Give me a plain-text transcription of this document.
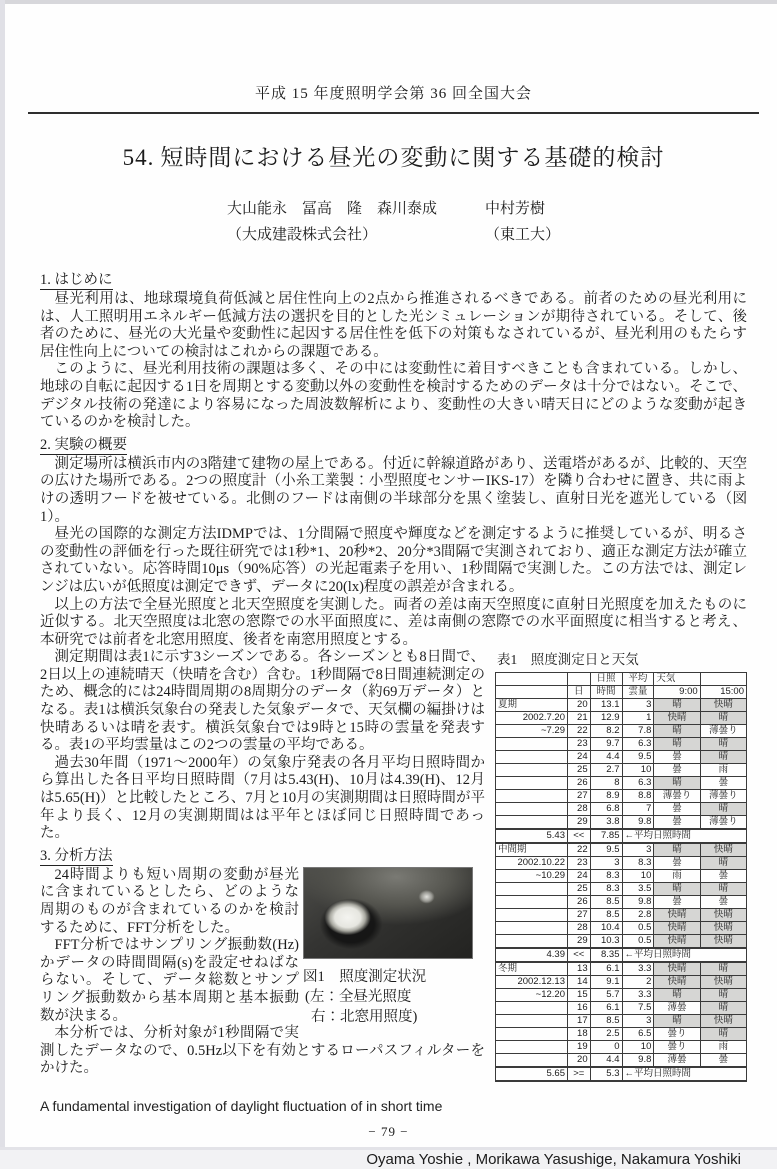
平成 15 年度照明学会第 36 回全国大会
54. 短時間における昼光の変動に関する基礎的検討
大山能永　冨高　隆　森川泰成
（大成建設株式会社）
中村芳樹
（東工大）
1. はじめに

昼光利用は、地球環境負荷低減と居住性向上の2点から推進されるべきである。前者のための昼光利用には、人工照明用エネルギー低減方法の選択を目的とした光シミュレーションが期待されている。そして、後者のために、昼光の大光量や変動性に起因する居住性を低下の対策もなされているが、昼光利用のもたらす居住性向上についての検討はこれからの課題である。

このように、昼光利用技術の課題は多く、その中には変動性に着目すべきことも含まれている。しかし、地球の自転に起因する1日を周期とする変動以外の変動性を検討するためのデータは十分ではない。そこで、デジタル技術の発達により容易になった周波数解析により、変動性の大きい晴天日にどのような変動が起きているのかを検討した。

2. 実験の概要

測定場所は横浜市内の3階建て建物の屋上である。付近に幹線道路があり、送電塔があるが、比較的、天空の広けた場所である。2つの照度計（小糸工業製：小型照度センサーIKS-17）を隣り合わせに置き、共に雨よけの透明フードを被せている。北側のフードは南側の半球部分を黒く塗装し、直射日光を遮光している（図1）。

昼光の国際的な測定方法IDMPでは、1分間隔で照度や輝度などを測定するように推奨しているが、明るさの変動性の評価を行った既往研究では1秒*1、20秒*2、20分*3間隔で実測されており、適正な測定方法が確立されていない。応答時間10μs（90%応答）の光起電素子を用い、1秒間隔で実測した。この方法では、測定レンジは広いが低照度は測定できず、データに20(lx)程度の誤差が含まれる。

以上の方法で全昼光照度と北天空照度を実測した。両者の差は南天空照度に直射日光照度を加えたものに近似する。北天空照度は北窓の窓際での水平面照度に、差は南側の窓際での水平面照度に相当すると考え、本研究では前者を北窓用照度、後者を南窓用照度とする。

表1　照度測定日と天気
		日照	平均	天気	
	日	時間	雲量	9:00	15:00
夏期	20	13.1	3	晴	快晴
2002.7.20	21	12.9	1	快晴	晴
~7.29	22	8.2	7.8	晴	薄曇り
	23	9.7	6.3	晴	晴
	24	4.4	9.5	曇	晴
	25	2.7	10	曇	雨
	26	8	6.3	晴	曇
	27	8.9	8.8	薄曇り	薄曇り
	28	6.8	7	曇	晴
	29	3.8	9.8	曇	薄曇り
5.43	<<	7.85	←平均日照時間		
中間期	22	9.5	3	晴	快晴
2002.10.22	23	3	8.3	曇	晴
~10.29	24	8.3	10	雨	曇
	25	8.3	3.5	晴	晴
	26	8.5	9.8	曇	曇
	27	8.5	2.8	快晴	快晴
	28	10.4	0.5	快晴	快晴
	29	10.3	0.5	快晴	快晴
4.39	<<	8.35	←平均日照時間		
冬期	13	6.1	3.3	快晴	晴
2002.12.13	14	9.1	2	快晴	快晴
~12.20	15	5.7	3.3	晴	晴
	16	6.1	7.5	薄曇	晴
	17	8.5	3	晴	快晴
	18	2.5	6.5	曇り	晴
	19	0	10	曇り	雨
	20	4.4	9.8	薄曇	曇
5.65	>=	5.3	←平均日照時間		

測定期間は表1に示す3シーズンである。各シーズンとも8日間で、2日以上の連続晴天（快晴を含む）含む。1秒間隔で8日間連続測定のため、概念的には24時間周期の8周期分のデータ（約69万データ）となる。表1は横浜気象台の発表した気象データで、天気欄の編掛けは快晴あるいは晴を表す。横浜気象台では9時と15時の雲量を発表する。表1の平均雲量はこの2つの雲量の平均である。

過去30年間（1971～2000年）の気象庁発表の各月平均日照時間から算出した各日平均日照時間（7月は5.43(H)、10月は4.39(H)、12月は5.65(H)）と比較したところ、7月と10月の実測期間は日照時間が平年より長く、12月の実測期間はは平年とほぼ同じ日照時間であった。

3. 分析方法
図1　照度測定状況
(左：全昼光照度
右：北窓用照度)

24時間よりも短い周期の変動が昼光に含まれているとしたら、どのような周期のものが含まれているのかを検討するために、FFT分析をした。

FFT分析ではサンプリング振動数(Hz)かデータの時間間隔(s)を設定せねばならない。そして、データ総数とサンプリング振動数から基本周期と基本振動数が決まる。

本分析では、分析対象が1秒間隔で実測したデータなので、0.5Hz以下を有効とするローパスフィルターをかけた。

A fundamental investigation of daylight fluctuation of in short time
Oyama Yoshie , Morikawa Yasushige, Nakamura Yoshiki
− 79 −
